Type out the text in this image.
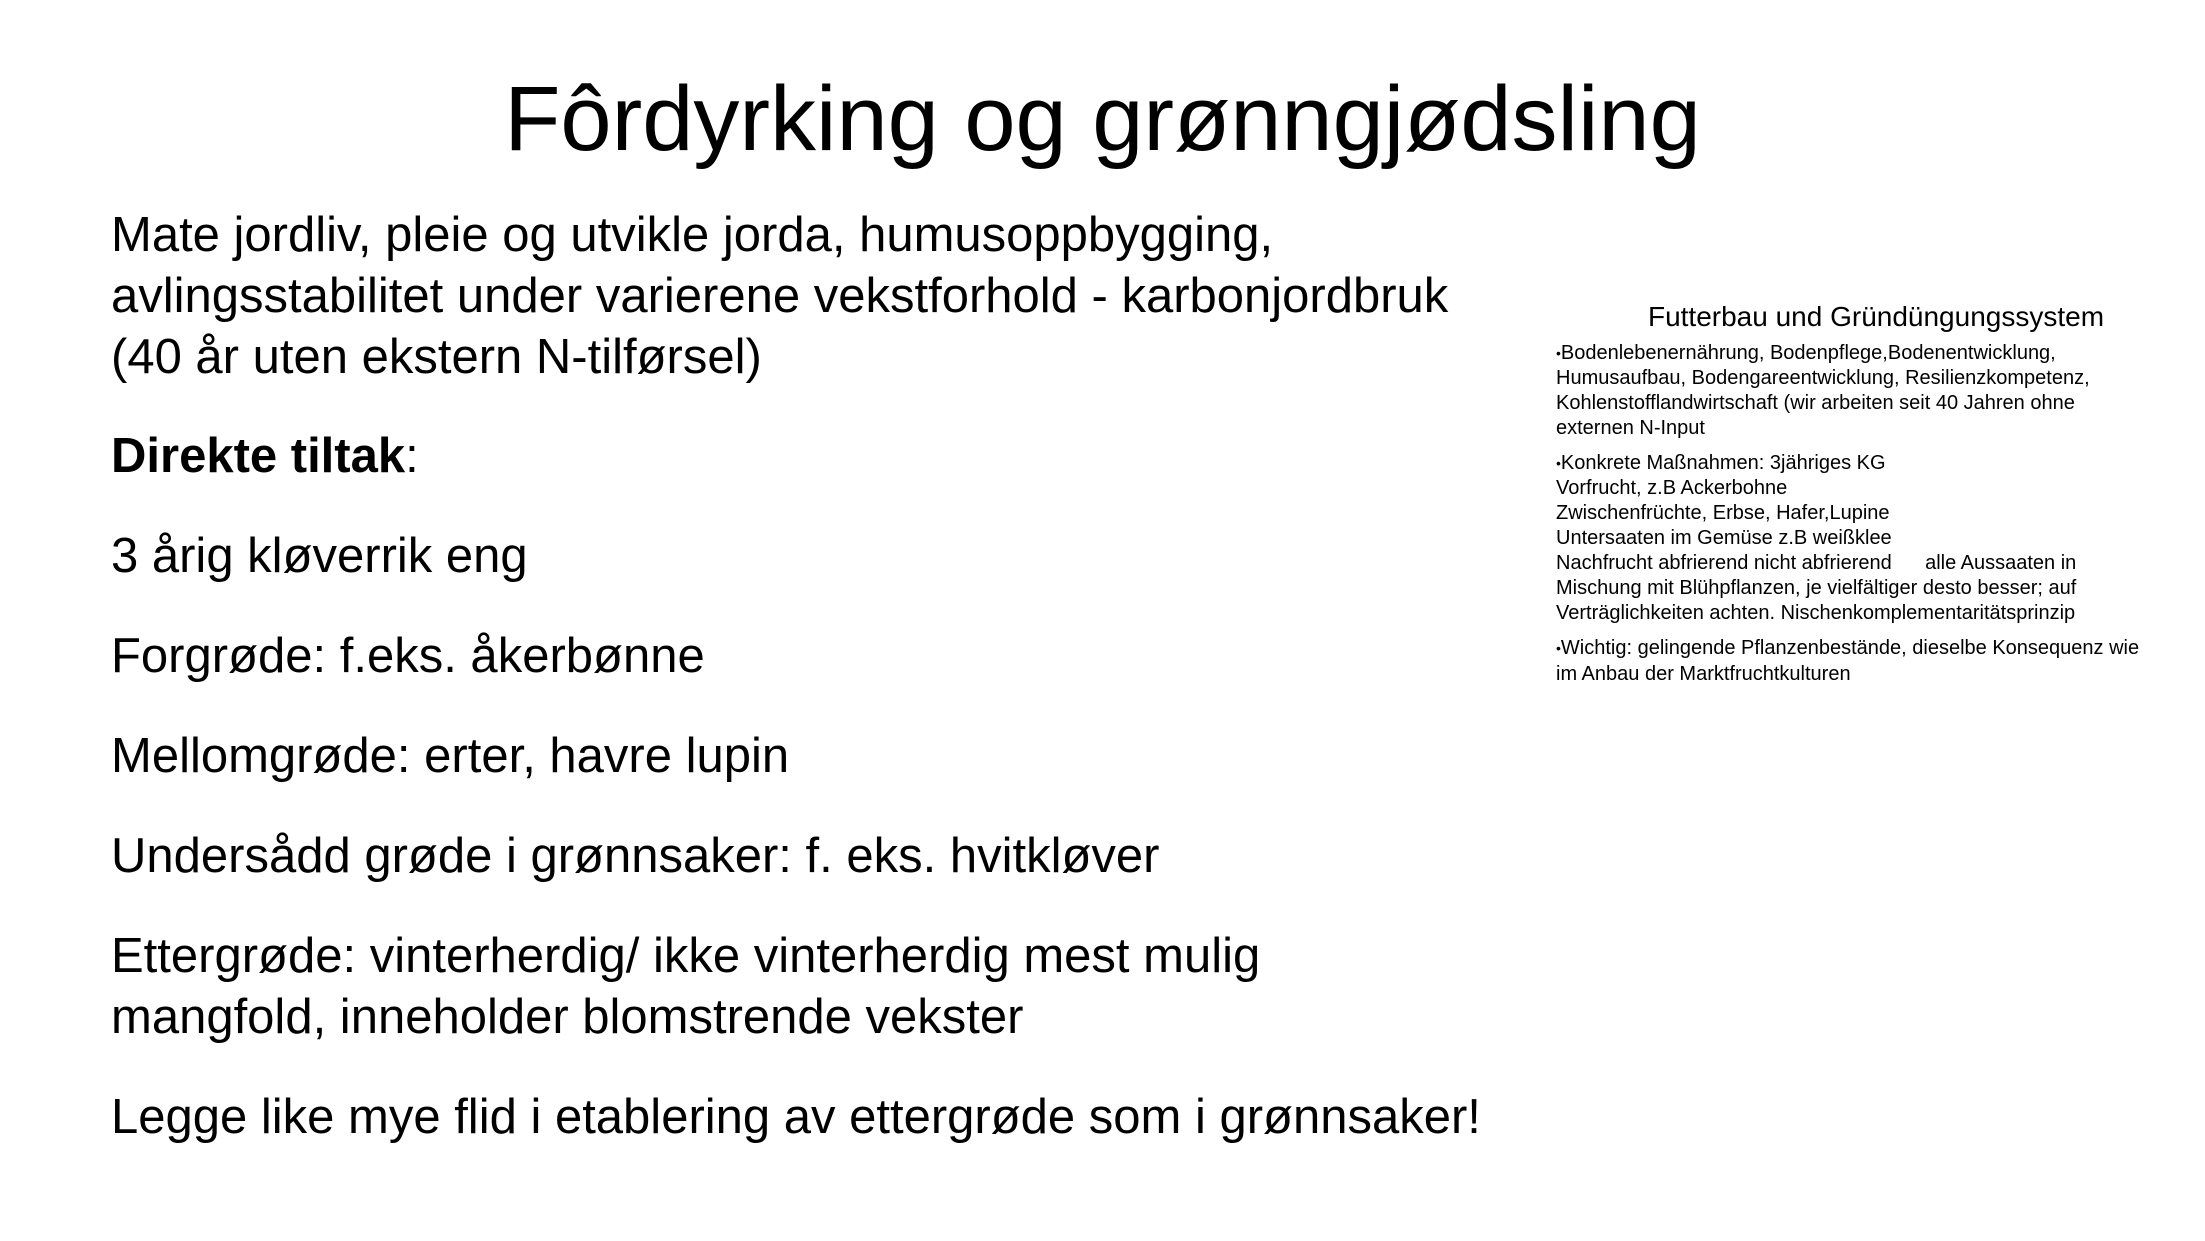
Fôrdyrking og grønngjødsling

Mate jordliv, pleie og utvikle jorda, humusoppbygging,
avlingsstabilitet under varierene vekstforhold - karbonjordbruk
(40 år uten ekstern N-tilførsel)

Direkte tiltak:

3 årig kløverrik eng

Forgrøde: f.eks. åkerbønne

Mellomgrøde: erter, havre lupin

Undersådd grøde i grønnsaker: f. eks. hvitkløver

Ettergrøde: vinterherdig/ ikke vinterherdig mest mulig
mangfold, inneholder blomstrende vekster

Legge like mye flid i etablering av ettergrøde som i grønnsaker!

Futterbau und Gründüngungssystem

•Bodenlebenernährung, Bodenpflege,Bodenentwicklung,
Humusaufbau, Bodengareentwicklung, Resilienzkompetenz,
Kohlenstofflandwirtschaft (wir arbeiten seit 40 Jahren ohne
externen N-Input

•Konkrete Maßnahmen: 3jähriges KG
Vorfrucht, z.B Ackerbohne
Zwischenfrüchte, Erbse, Hafer,Lupine
Untersaaten im Gemüse z.B weißklee
Nachfrucht abfrierend nicht abfrierend      alle Aussaaten in
Mischung mit Blühpflanzen, je vielfältiger desto besser; auf
Verträglichkeiten achten. Nischenkomplementaritätsprinzip

•Wichtig: gelingende Pflanzenbestände, dieselbe Konsequenz wie
im Anbau der Marktfruchtkulturen
